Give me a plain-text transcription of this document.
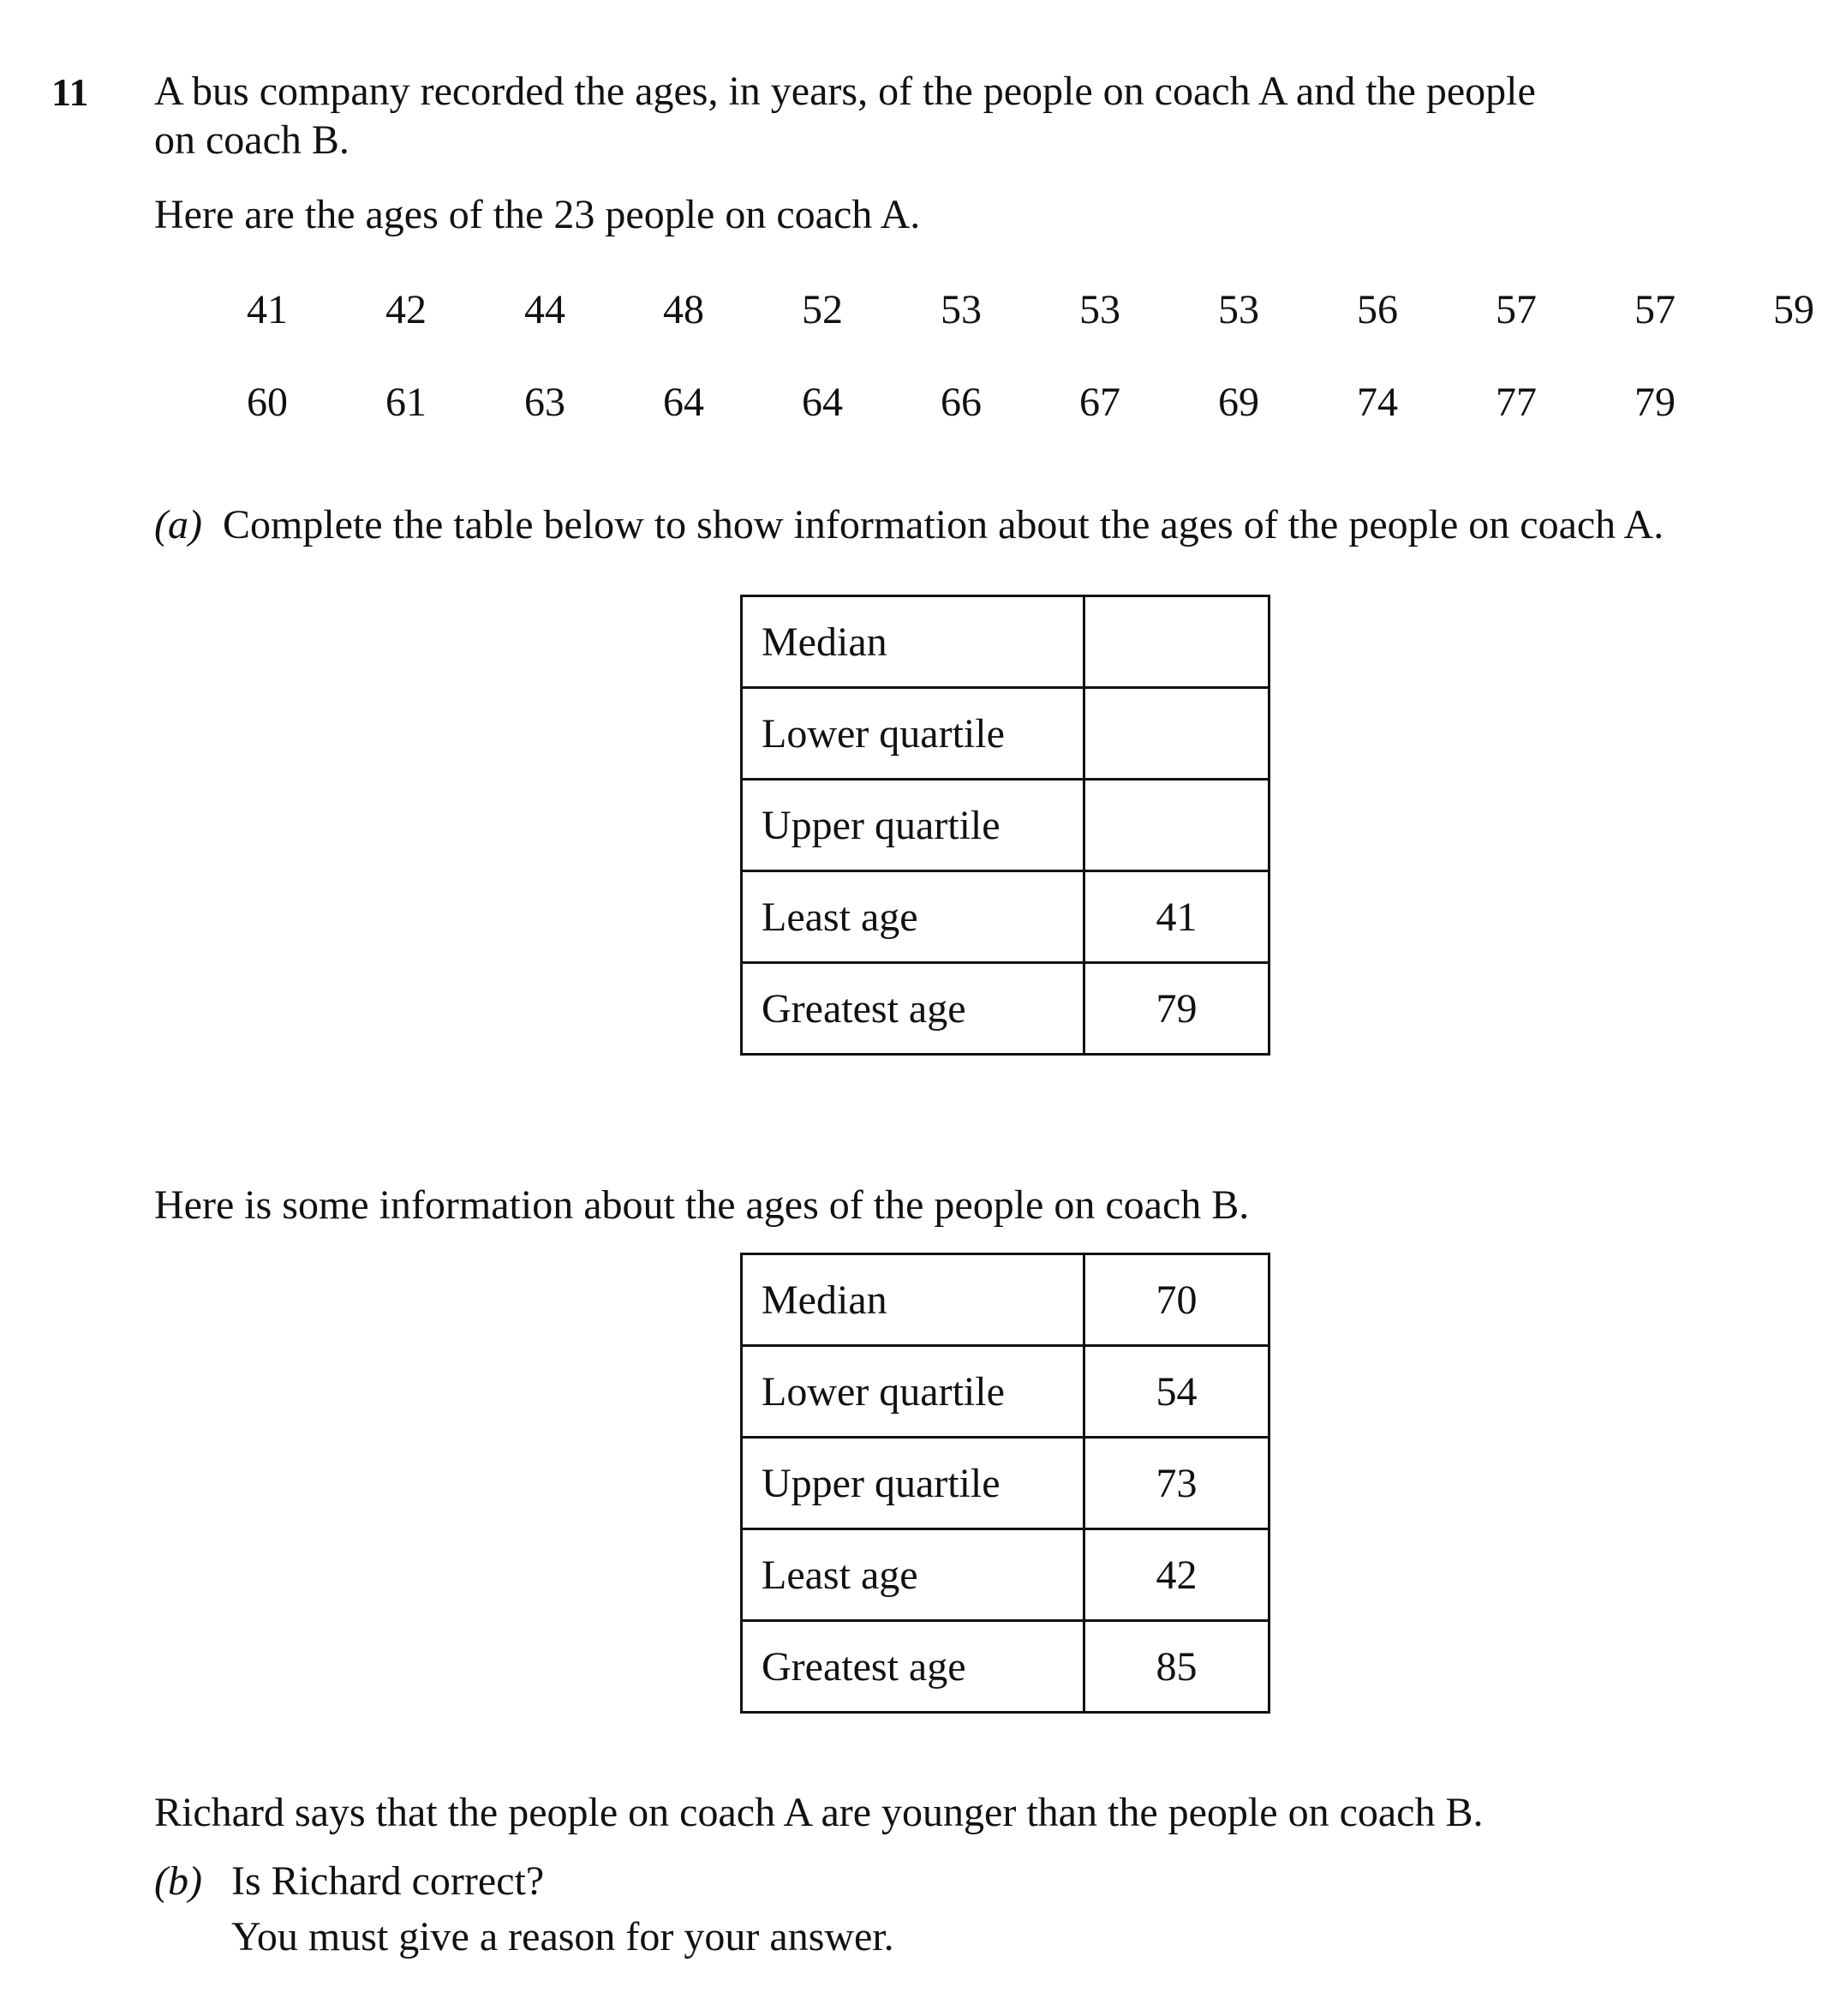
11 A bus company recorded the ages, in years, of the people on coach A and the people
on coach B.
Here are the ages of the 23 people on coach A.
41	42	44	48	52	53	53	53	56	57	57	59
60	61	63	64	64	66	67	69	74	77	79
(a) Complete the table below to show information about the ages of the people on coach A.
Median	
Lower quartile	
Upper quartile	
Least age	41
Greatest age	79
Here is some information about the ages of the people on coach B.
Median	70
Lower quartile	54
Upper quartile	73
Least age	42
Greatest age	85
Richard says that the people on coach A are younger than the people on coach B.
(b) Is Richard correct?
You must give a reason for your answer.
